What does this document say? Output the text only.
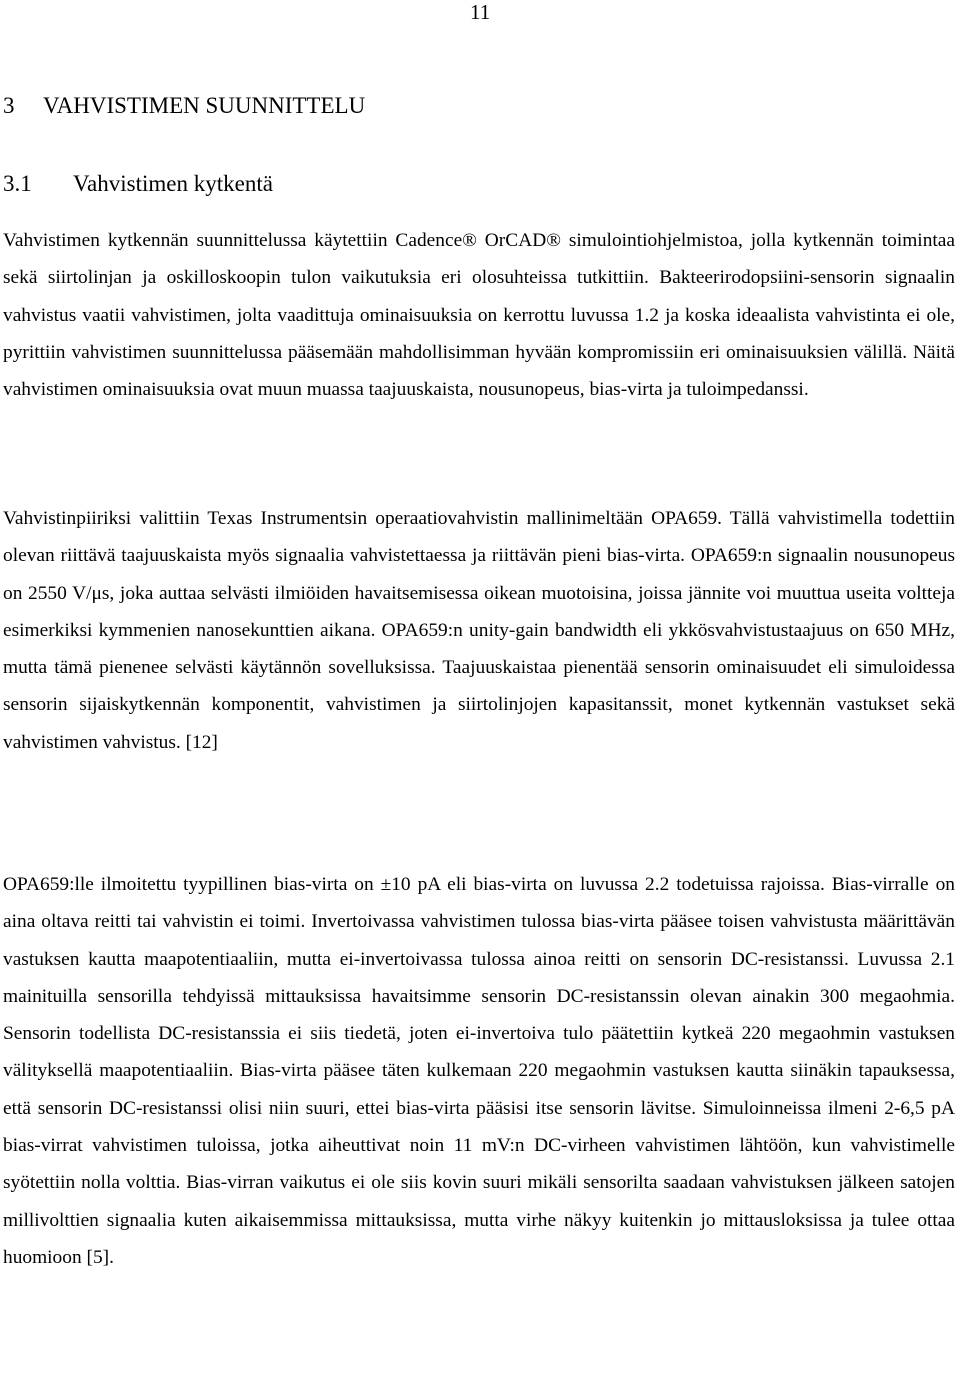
11
3 VAHVISTIMEN SUUNNITTELU
3.1 Vahvistimen kytkentä

Vahvistimen kytkennän suunnittelussa käytettiin Cadence® OrCAD® simulointiohjelmistoa, jolla kytkennän toimintaa sekä siirtolinjan ja oskilloskoopin tulon vaikutuksia eri olosuhteissa tutkittiin. Bakteerirodopsiini-sensorin signaalin vahvistus vaatii vahvistimen, jolta vaadittuja ominaisuuksia on kerrottu luvussa 1.2 ja koska ideaalista vahvistinta ei ole, pyrittiin vahvistimen suunnittelussa pääsemään mahdollisimman hyvään kompromissiin eri ominaisuuksien välillä. Näitä vahvistimen ominaisuuksia ovat muun muassa taajuuskaista, nousunopeus, bias-virta ja tuloimpedanssi.

Vahvistinpiiriksi valittiin Texas Instrumentsin operaatiovahvistin mallinimeltään OPA659. Tällä vahvistimella todettiin olevan riittävä taajuuskaista myös signaalia vahvistettaessa ja riittävän pieni bias-virta. OPA659:n signaalin nousunopeus on 2550 V/μs, joka auttaa selvästi ilmiöiden havaitsemisessa oikean muotoisina, joissa jännite voi muuttua useita voltteja esimerkiksi kymmenien nanosekunttien aikana. OPA659:n unity-gain bandwidth eli ykkösvahvistustaajuus on 650 MHz, mutta tämä pienenee selvästi käytännön sovelluksissa. Taajuuskaistaa pienentää sensorin ominaisuudet eli simuloidessa sensorin sijaiskytkennän komponentit, vahvistimen ja siirtolinjojen kapasitanssit, monet kytkennän vastukset sekä vahvistimen vahvistus. [12]

OPA659:lle ilmoitettu tyypillinen bias-virta on ±10 pA eli bias-virta on luvussa 2.2 todetuissa rajoissa. Bias-virralle on aina oltava reitti tai vahvistin ei toimi. Invertoivassa vahvistimen tulossa bias-virta pääsee toisen vahvistusta määrittävän vastuksen kautta maapotentiaaliin, mutta ei-invertoivassa tulossa ainoa reitti on sensorin DC-resistanssi. Luvussa 2.1 mainituilla sensorilla tehdyissä mittauksissa havaitsimme sensorin DC-resistanssin olevan ainakin 300 megaohmia. Sensorin todellista DC-resistanssia ei siis tiedetä, joten ei-invertoiva tulo päätettiin kytkeä 220 megaohmin vastuksen välityksellä maapotentiaaliin. Bias-virta pääsee täten kulkemaan 220 megaohmin vastuksen kautta siinäkin tapauksessa, että sensorin DC-resistanssi olisi niin suuri, ettei bias-virta pääsisi itse sensorin lävitse. Simuloinneissa ilmeni 2-6,5 pA bias-virrat vahvistimen tuloissa, jotka aiheuttivat noin 11 mV:n DC-virheen vahvistimen lähtöön, kun vahvistimelle syötettiin nolla volttia. Bias-virran vaikutus ei ole siis kovin suuri mikäli sensorilta saadaan vahvistuksen jälkeen satojen millivolttien signaalia kuten aikaisemmissa mittauksissa, mutta virhe näkyy kuitenkin jo mittausloksissa ja tulee ottaa huomioon [5].
